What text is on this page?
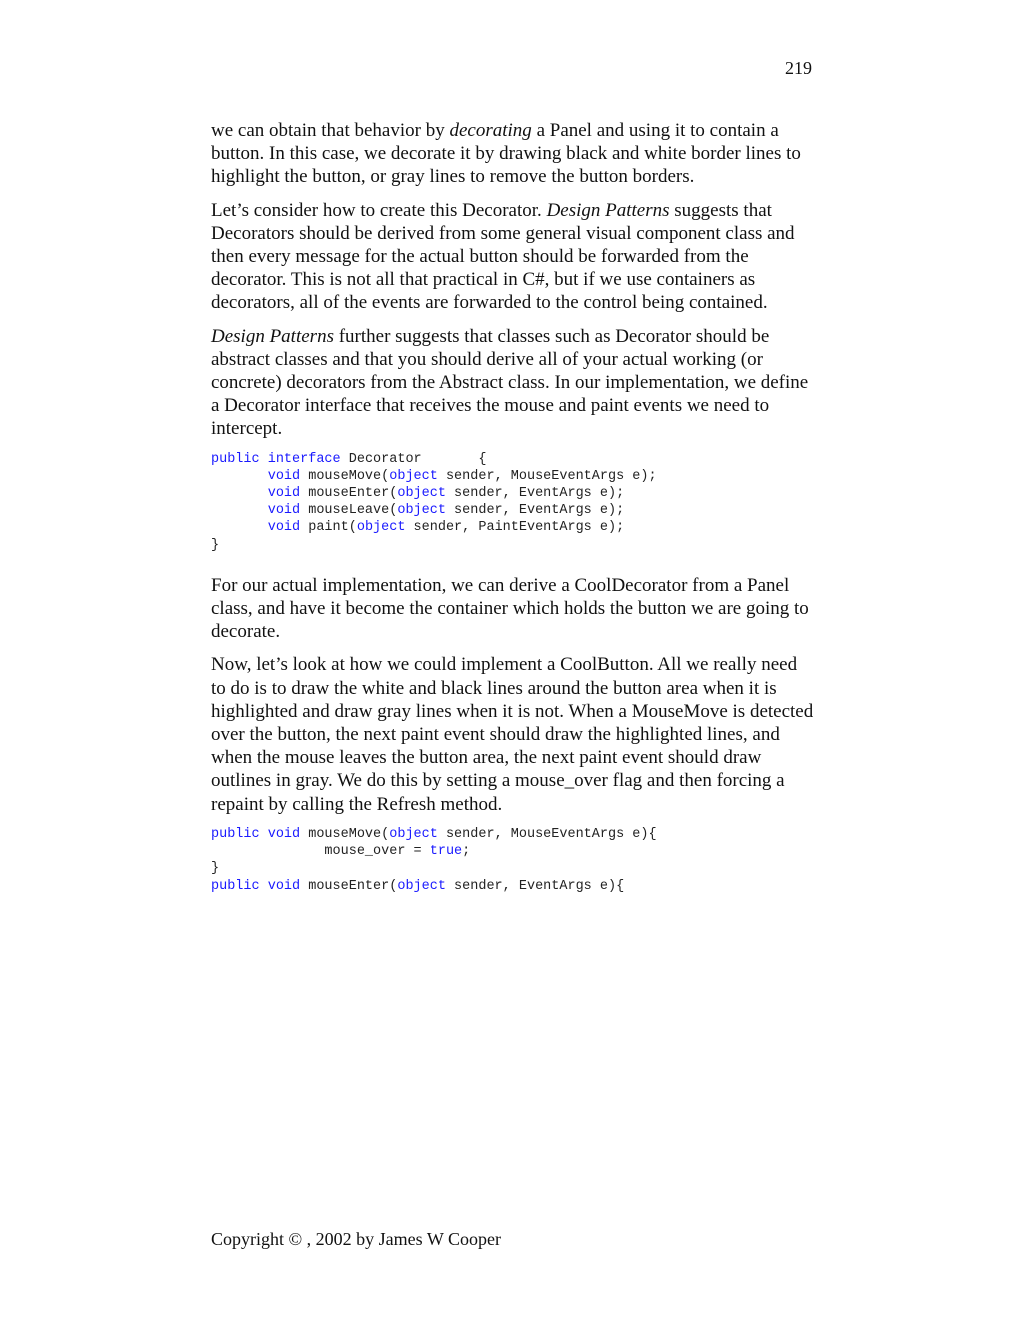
219

we can obtain that behavior by decorating a Panel and using it to contain a button. In this case, we decorate it by drawing black and white border lines to highlight the button, or gray lines to remove the button borders.

Let’s consider how to create this Decorator. Design Patterns suggests that Decorators should be derived from some general visual component class and then every message for the actual button should be forwarded from the decorator. This is not all that practical in C#, but if we use containers as decorators, all of the events are forwarded to the control being contained.

Design Patterns further suggests that classes such as Decorator should be abstract classes and that you should derive all of your actual working (or concrete) decorators from the Abstract class. In our implementation, we define a Decorator interface that receives the mouse and paint events we need to intercept.

public interface Decorator       {
void mouseMove(object sender, MouseEventArgs e);
void mouseEnter(object sender, EventArgs e);
void mouseLeave(object sender, EventArgs e);
void paint(object sender, PaintEventArgs e);
}

For our actual implementation, we can derive a CoolDecorator from a Panel class, and have it become the container which holds the button we are going to decorate.

Now, let’s look at how we could implement a CoolButton. All we really need to do is to draw the white and black lines around the button area when it is highlighted and draw gray lines when it is not. When a MouseMove is detected over the button, the next paint event should draw the highlighted lines, and when the mouse leaves the button area, the next paint event should draw outlines in gray. We do this by setting a mouse_over flag and then forcing a repaint by calling the Refresh method.

public void mouseMove(object sender, MouseEventArgs e){
mouse_over = true;
}
public void mouseEnter(object sender, EventArgs e){
Copyright © , 2002 by James W Cooper
